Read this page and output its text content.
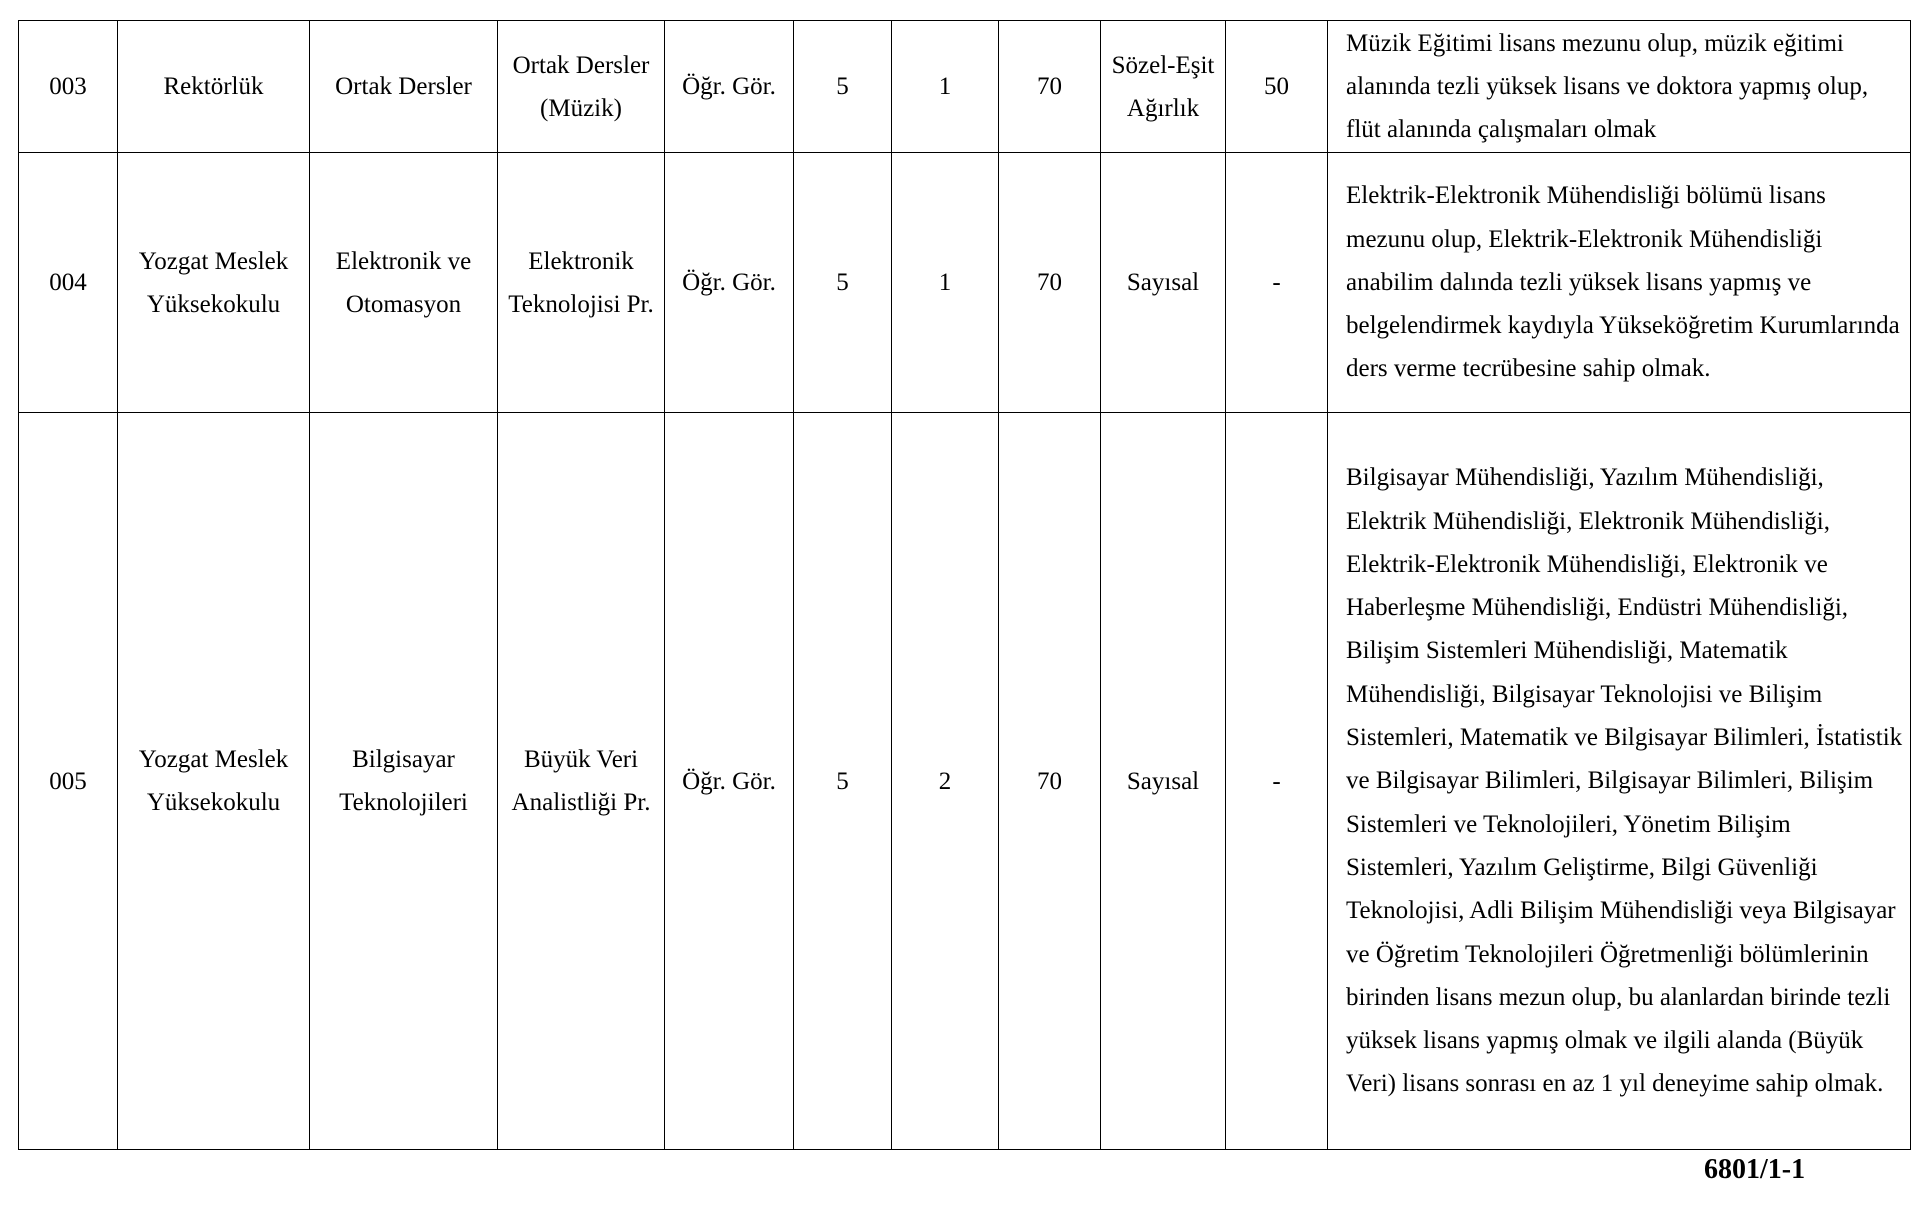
003	Rektörlük	Ortak Dersler	Ortak Dersler (Müzik)	Öğr. Gör.	5	1	70	Sözel-Eşit Ağırlık	50	Müzik Eğitimi lisans mezunu olup, müzik eğitimi alanında tezli yüksek lisans ve doktora yapmış olup, flüt alanında çalışmaları olmak
004	Yozgat Meslek Yüksekokulu	Elektronik ve Otomasyon	Elektronik Teknolojisi Pr.	Öğr. Gör.	5	1	70	Sayısal	-	Elektrik-Elektronik Mühendisliği bölümü lisans mezunu olup, Elektrik-Elektronik Mühendisliği anabilim dalında tezli yüksek lisans yapmış ve belgelendirmek kaydıyla Yükseköğretim Kurumlarında ders verme tecrübesine sahip olmak.
005	Yozgat Meslek Yüksekokulu	Bilgisayar Teknolojileri	Büyük Veri Analistliği Pr.	Öğr. Gör.	5	2	70	Sayısal	-	Bilgisayar Mühendisliği, Yazılım Mühendisliği, Elektrik Mühendisliği, Elektronik Mühendisliği, Elektrik-Elektronik Mühendisliği, Elektronik ve Haberleşme Mühendisliği, Endüstri Mühendisliği, Bilişim Sistemleri Mühendisliği, Matematik Mühendisliği, Bilgisayar Teknolojisi ve Bilişim Sistemleri, Matematik ve Bilgisayar Bilimleri, İstatistik ve Bilgisayar Bilimleri, Bilgisayar Bilimleri, Bilişim Sistemleri ve Teknolojileri, Yönetim Bilişim Sistemleri, Yazılım Geliştirme, Bilgi Güvenliği Teknolojisi, Adli Bilişim Mühendisliği veya Bilgisayar ve Öğretim Teknolojileri Öğretmenliği bölümlerinin birinden lisans mezun olup, bu alanlardan birinde tezli yüksek lisans yapmış olmak ve ilgili alanda (Büyük Veri) lisans sonrası en az 1 yıl deneyime sahip olmak.
6801/1-1
